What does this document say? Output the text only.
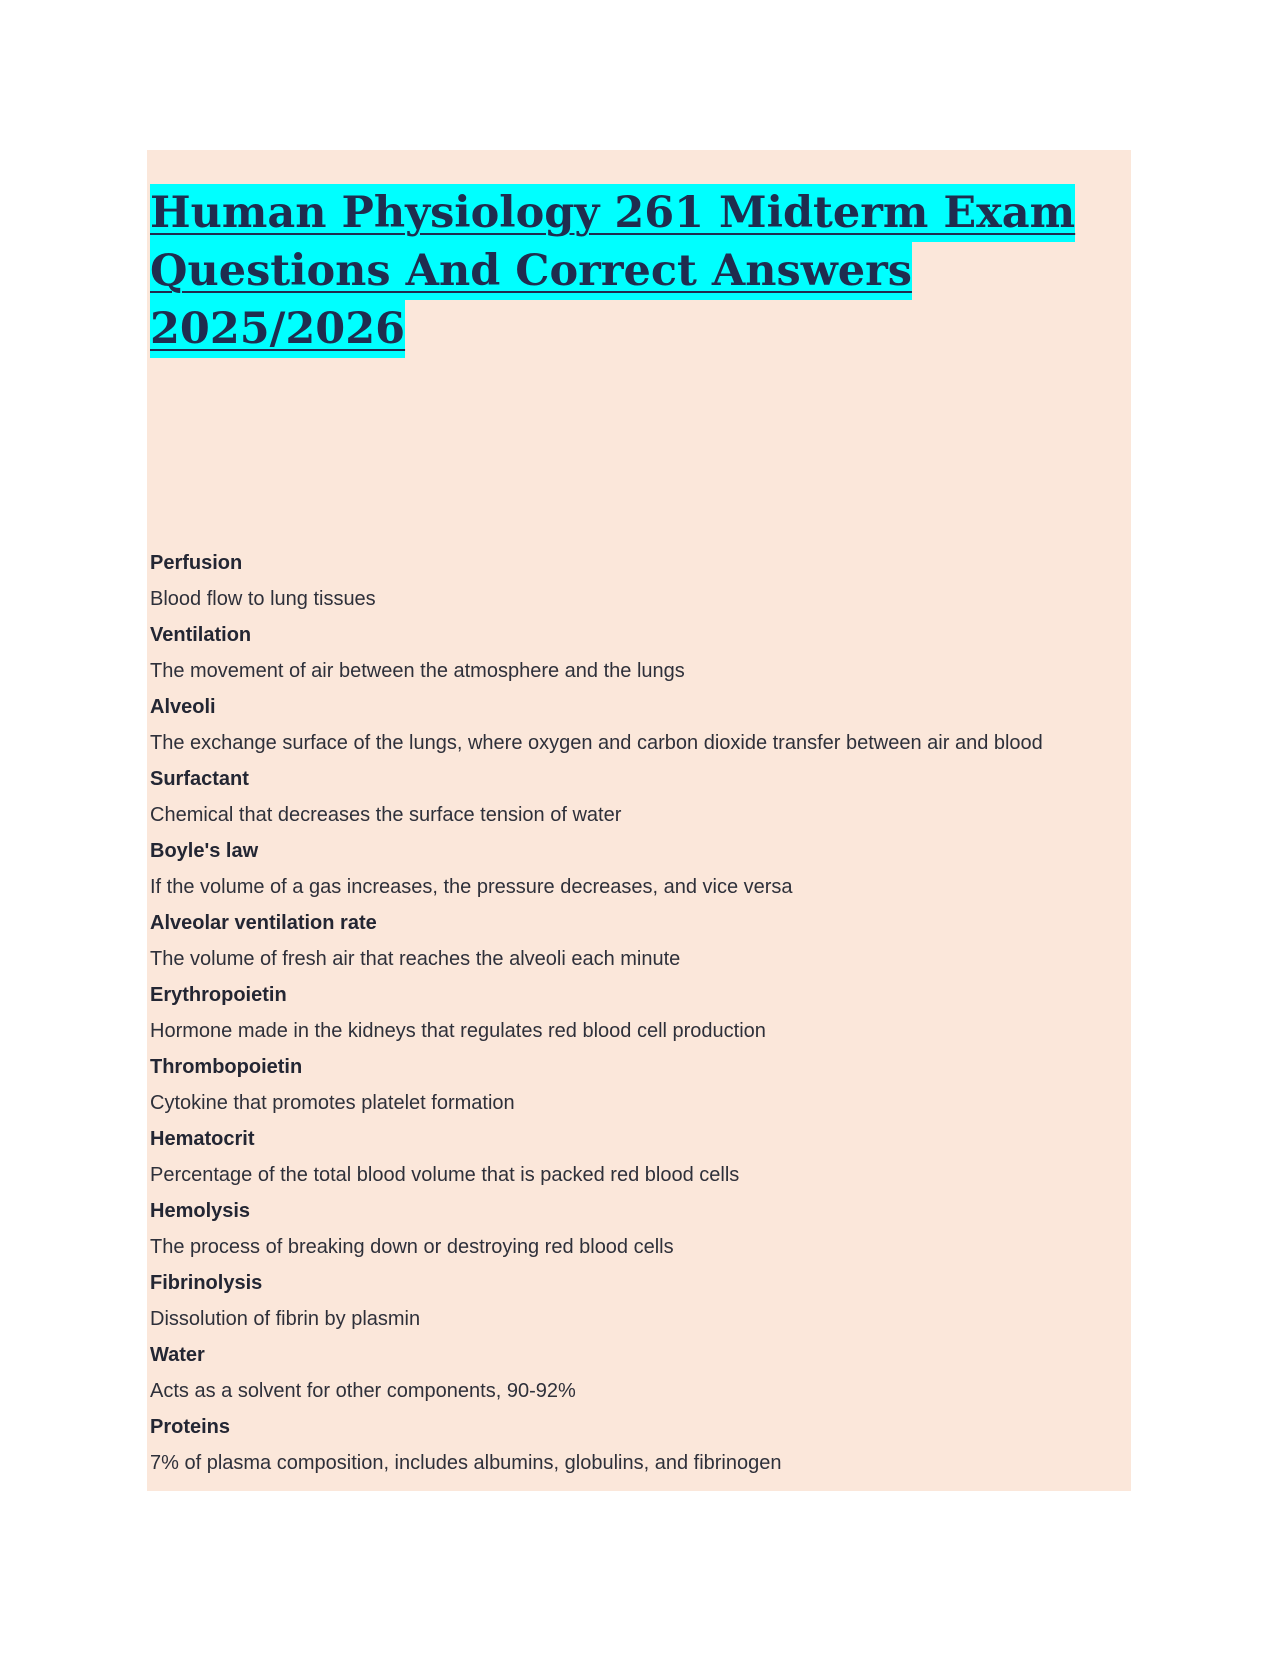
Human Physiology 261 Midterm Exam
Questions And Correct Answers
2025/2026
Perfusion
Blood flow to lung tissues
Ventilation
The movement of air between the atmosphere and the lungs
Alveoli
The exchange surface of the lungs, where oxygen and carbon dioxide transfer between air and blood
Surfactant
Chemical that decreases the surface tension of water
Boyle's law
If the volume of a gas increases, the pressure decreases, and vice versa
Alveolar ventilation rate
The volume of fresh air that reaches the alveoli each minute
Erythropoietin
Hormone made in the kidneys that regulates red blood cell production
Thrombopoietin
Cytokine that promotes platelet formation
Hematocrit
Percentage of the total blood volume that is packed red blood cells
Hemolysis
The process of breaking down or destroying red blood cells
Fibrinolysis
Dissolution of fibrin by plasmin
Water
Acts as a solvent for other components, 90-92%
Proteins
7% of plasma composition, includes albumins, globulins, and fibrinogen
